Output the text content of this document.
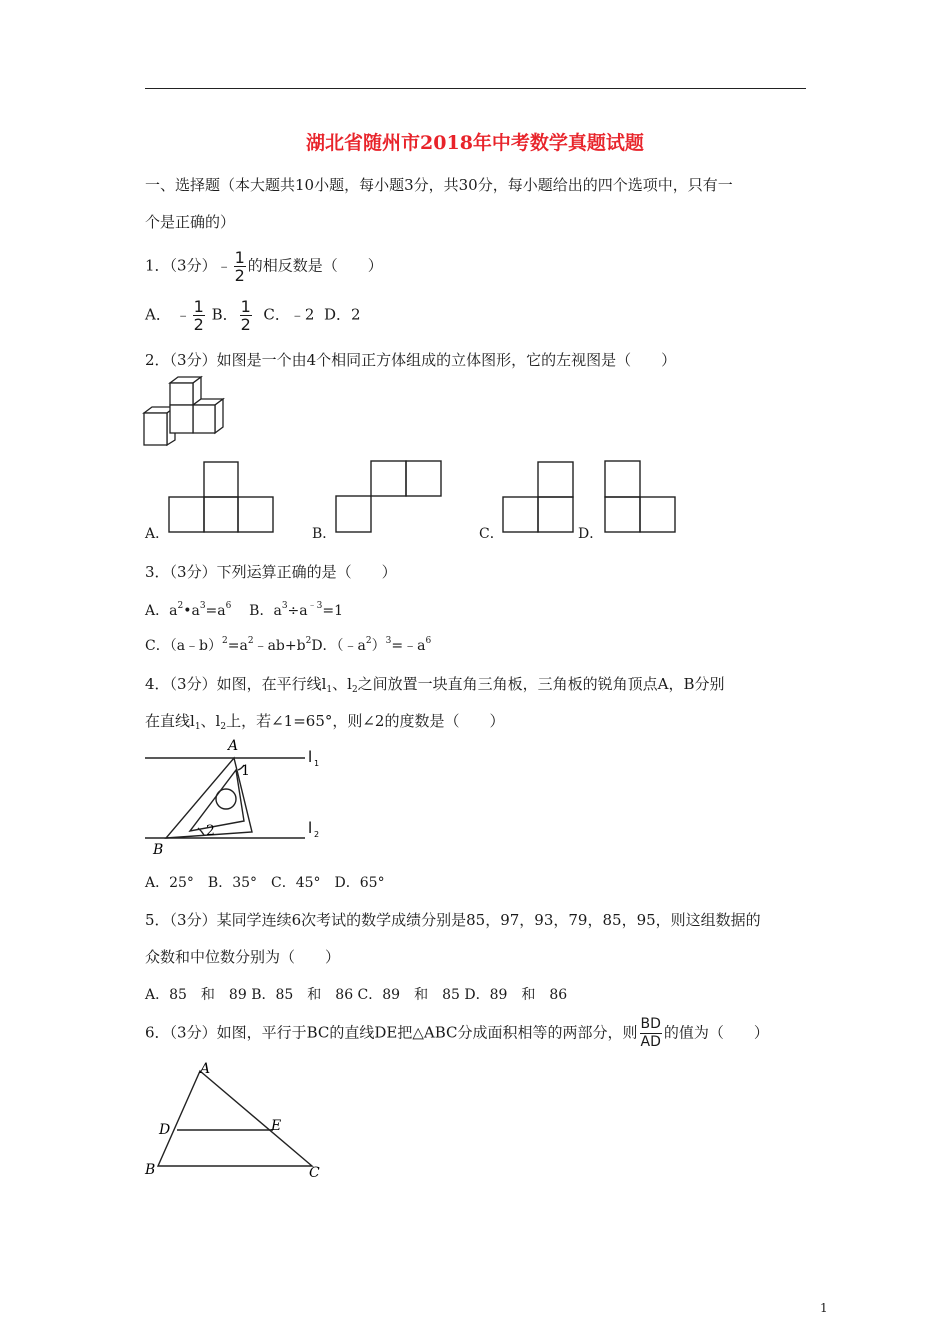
湖北省随州市2018年中考数学真题试题
一、选择题（本大题共10小题，每小题3分，共30分，每小题给出的四个选项中，只有一
个是正确的）
1．（3分）﹣ $\frac{1}{2}$ 的相反数是（　　）
A． ﹣ $\frac{1}{2}$ B． $\frac{1}{2}$ C．﹣2 D．2
2．（3分）如图是一个由4个相同正方体组成的立体图形，它的左视图是（　　）
A．	B．	C．	D．
3．（3分）下列运算正确的是（　　）
A．$a^2•a^3=a^6$ B．$a^3\div a^{﹣3}=1$
C．$(a﹣b)^2=a^2﹣ab+b^2D$．$(﹣a^2)^3=﹣a^6$
4．（3分）如图，在平行线$l_1$、$l_2$之间放置一块直角三角板，三角板的锐角顶点A，B分别
在直线$l_1$、$l_2$上，若∠1=65°，则∠2的度数是（　　）
A
1
2
B
l 1
l 2
A．25°　B．35°　C．45°　D．65°
5．（3分）某同学连续6次考试的数学成绩分别是85，97，93，79，85，95，则这组数据的
众数和中位数分别为（　　）
A．85　和　89 B．85　和　86 C．89　和　85 D．89　和　86
6．（3分）如图，平行于BC的直线DE把△ABC分成面积相等的两部分，则 $\frac{BD}{AD}$ 的值为（　　）
A
D	E
B	C
1
